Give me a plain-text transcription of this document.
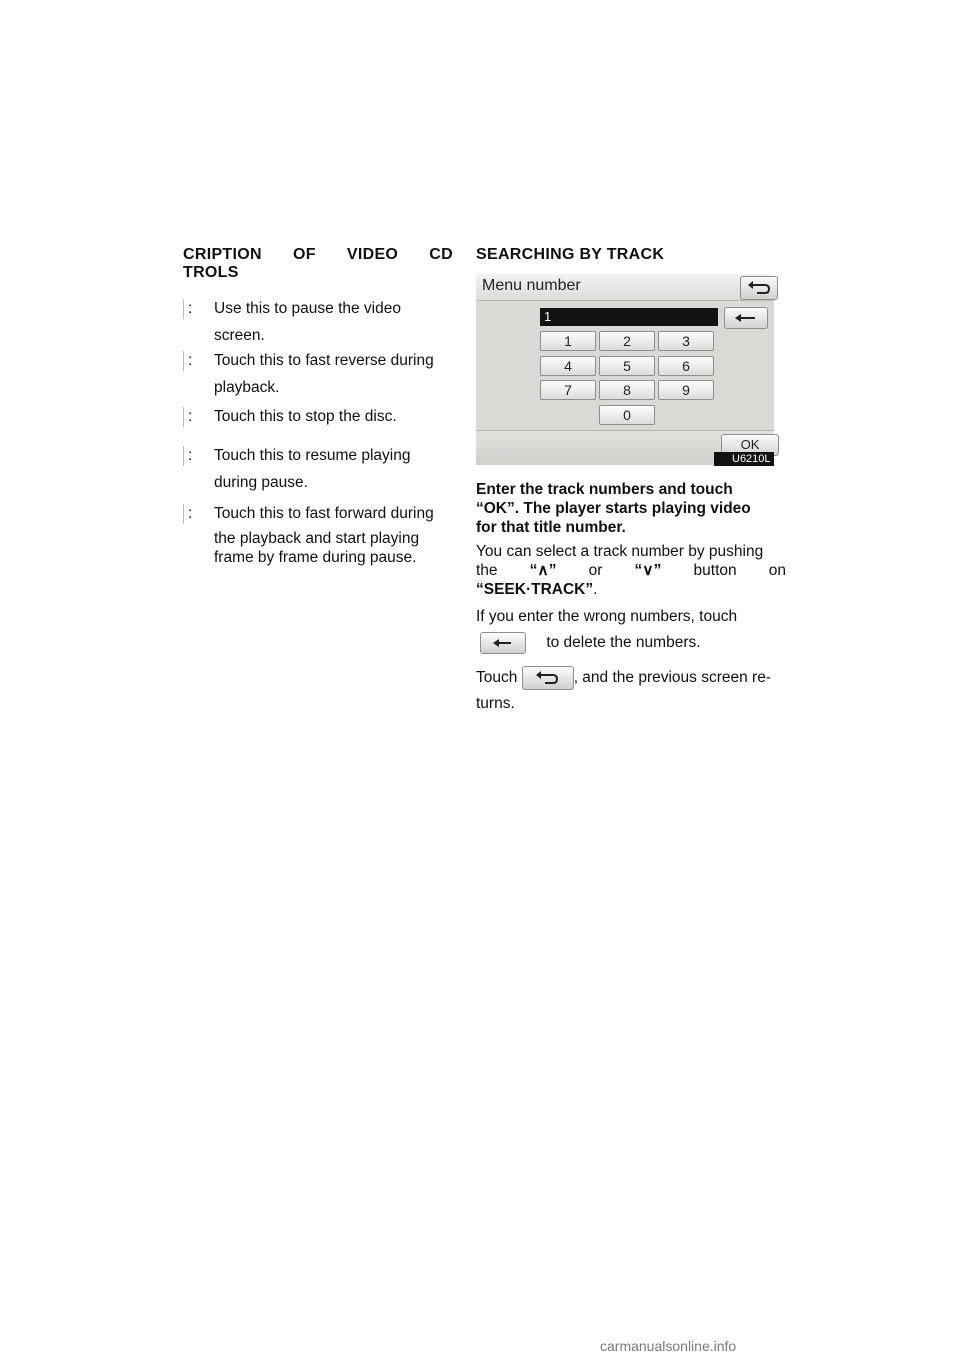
CRIPTION OF VIDEO CD
TROLS
: Use this to pause the video
screen.
: Touch this to fast reverse during
playback.
: Touch this to stop the disc.
: Touch this to resume playing
during pause.
: Touch this to fast forward during
the playback and start playing
frame by frame during pause.
SEARCHING BY TRACK
Menu number
1
1	2	3
4	5	6
7	8	9
0
OK
U6210L
Enter the track numbers and touch
“OK”. The player starts playing video
for that title number.
You can select a track number by pushing
the “∧” or “∨” button on
“SEEK·TRACK”.
If you enter the wrong numbers, touch
to delete the numbers.
Touch	, and the previous screen re-
turns.
carmanualsonline.info
